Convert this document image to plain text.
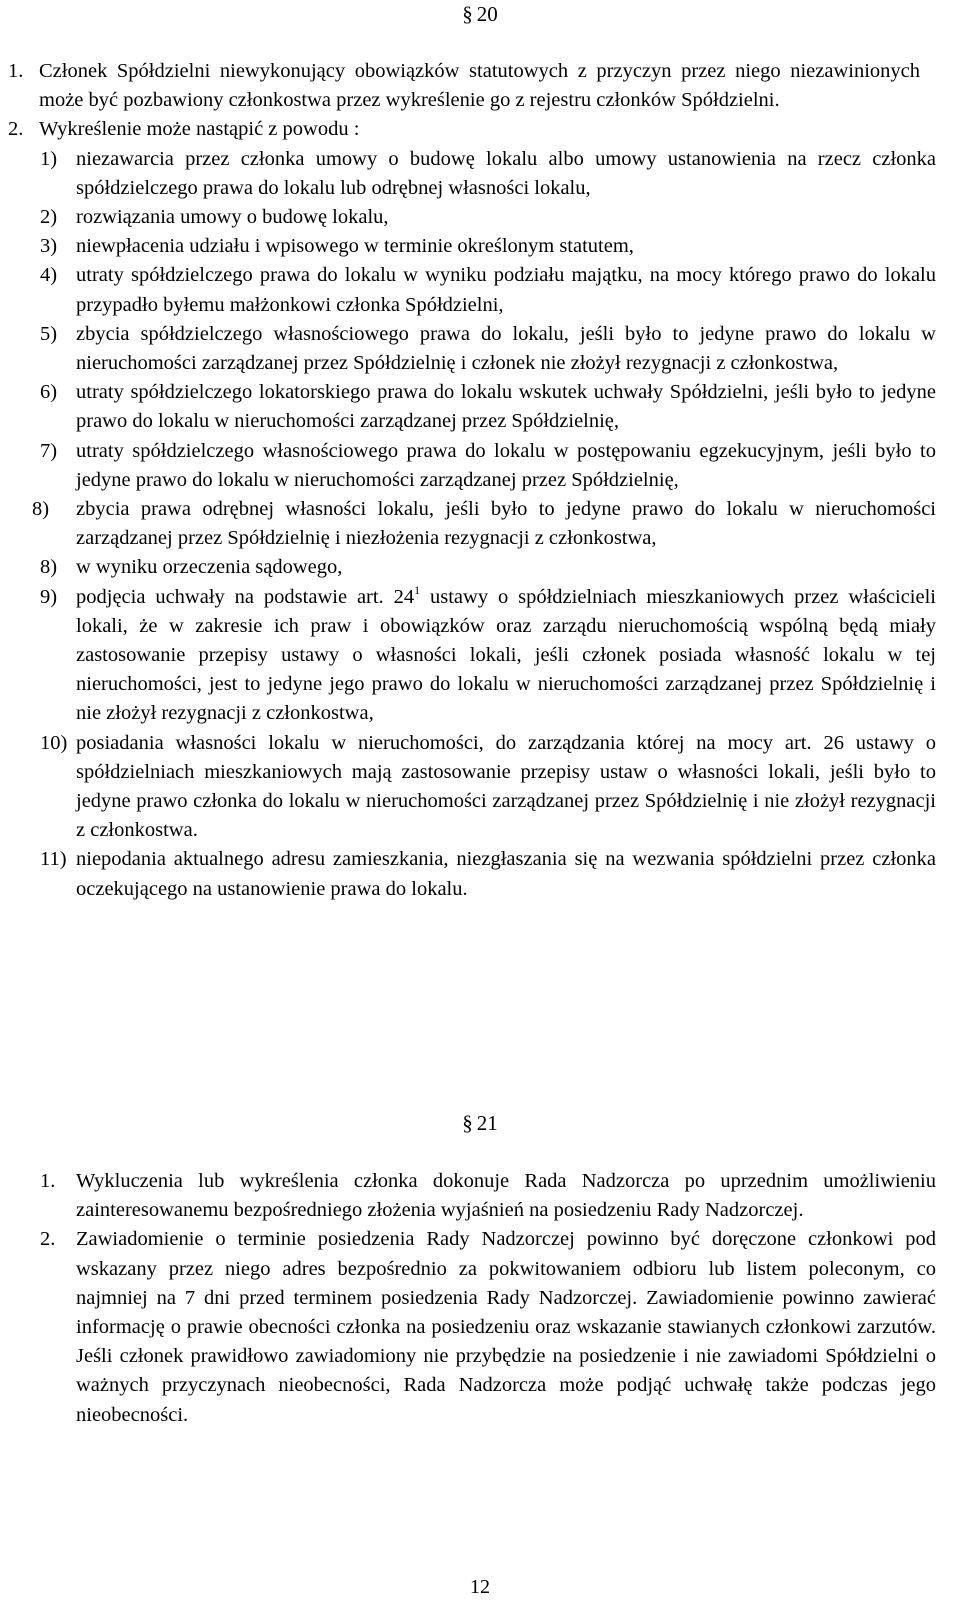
§ 20
1. Członek Spółdzielni niewykonujący obowiązków statutowych z przyczyn przez niego niezawinionych może być pozbawiony członkostwa przez wykreślenie go z rejestru członków Spółdzielni.
2. Wykreślenie może nastąpić z powodu :
1) niezawarcia przez członka umowy o budowę lokalu albo umowy ustanowienia na rzecz członka spółdzielczego prawa do lokalu lub odrębnej własności lokalu,
2) rozwiązania umowy o budowę lokalu,
3) niewpłacenia udziału i wpisowego w terminie określonym statutem,
4) utraty spółdzielczego prawa do lokalu w wyniku podziału majątku, na mocy którego prawo do lokalu przypadło byłemu małżonkowi członka Spółdzielni,
5) zbycia spółdzielczego własnościowego prawa do lokalu, jeśli było to jedyne prawo do lokalu w nieruchomości zarządzanej przez Spółdzielnię i członek nie złożył rezygnacji z członkostwa,
6) utraty spółdzielczego lokatorskiego prawa do lokalu wskutek uchwały Spółdzielni, jeśli było to jedyne prawo do lokalu w nieruchomości zarządzanej przez Spółdzielnię,
7) utraty spółdzielczego własnościowego prawa do lokalu w postępowaniu egzekucyjnym, jeśli było to jedyne prawo do lokalu w nieruchomości zarządzanej przez Spółdzielnię,
8) zbycia prawa odrębnej własności lokalu, jeśli było to jedyne prawo do lokalu w nieruchomości zarządzanej przez Spółdzielnię i niezłożenia rezygnacji z członkostwa,
8) w wyniku orzeczenia sądowego,
9) podjęcia uchwały na podstawie art. $24^1$ ustawy o spółdzielniach mieszkaniowych przez właścicieli lokali, że w zakresie ich praw i obowiązków oraz zarządu nieruchomością wspólną będą miały zastosowanie przepisy ustawy o własności lokali, jeśli członek posiada własność lokalu w tej nieruchomości, jest to jedyne jego prawo do lokalu w nieruchomości zarządzanej przez Spółdzielnię i nie złożył rezygnacji z członkostwa,
10) posiadania własności lokalu w nieruchomości, do zarządzania której na mocy art. 26 ustawy o spółdzielniach mieszkaniowych mają zastosowanie przepisy ustaw o własności lokali, jeśli było to jedyne prawo członka do lokalu w nieruchomości zarządzanej przez Spółdzielnię i nie złożył rezygnacji z członkostwa.
11) niepodania aktualnego adresu zamieszkania, niezgłaszania się na wezwania spółdzielni przez członka oczekującego na ustanowienie prawa do lokalu.
§ 21
1. Wykluczenia lub wykreślenia członka dokonuje Rada Nadzorcza po uprzednim umożliwieniu zainteresowanemu bezpośredniego złożenia wyjaśnień na posiedzeniu Rady Nadzorczej.
2. Zawiadomienie o terminie posiedzenia Rady Nadzorczej powinno być doręczone członkowi pod wskazany przez niego adres bezpośrednio za pokwitowaniem odbioru lub listem poleconym, co najmniej na 7 dni przed terminem posiedzenia Rady Nadzorczej. Zawiadomienie powinno zawierać informację o prawie obecności członka na posiedzeniu oraz wskazanie stawianych członkowi zarzutów. Jeśli członek prawidłowo zawiadomiony nie przybędzie na posiedzenie i nie zawiadomi Spółdzielni o ważnych przyczynach nieobecności, Rada Nadzorcza może podjąć uchwałę także podczas jego nieobecności.
12
